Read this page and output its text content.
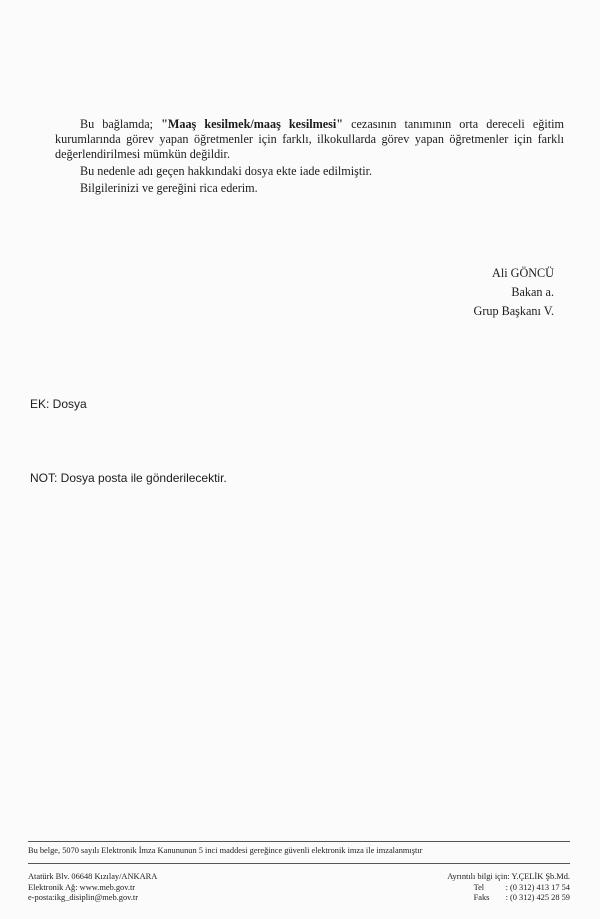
Bu bağlamda; "Maaş kesilmek/maaş kesilmesi" cezasının tanımının orta dereceli eğitim kurumlarında görev yapan öğretmenler için farklı, ilkokullarda görev yapan öğretmenler için farklı değerlendirilmesi mümkün değildir.

Bu nedenle adı geçen hakkındaki dosya ekte iade edilmiştir.

Bilgilerinizi ve gereğini rica ederim.

Ali GÖNCÜ
Bakan a.
Grup Başkanı V.
EK: Dosya
NOT: Dosya posta ile gönderilecektir.
Bu belge, 5070 sayılı Elektronik İmza Kanununun 5 inci maddesi gereğince güvenli elektronik imza ile imzalanmıştır
Atatürk Blv. 06648 Kızılay/ANKARA
Elektronik Ağ: www.meb.gov.tr
e-posta:ikg_disiplin@meb.gov.tr
Ayrıntılı bilgi için: Y.ÇELİK Şb.Md.
Tel	: (0 312) 413 17 54
Faks : (0 312) 425 28 59
